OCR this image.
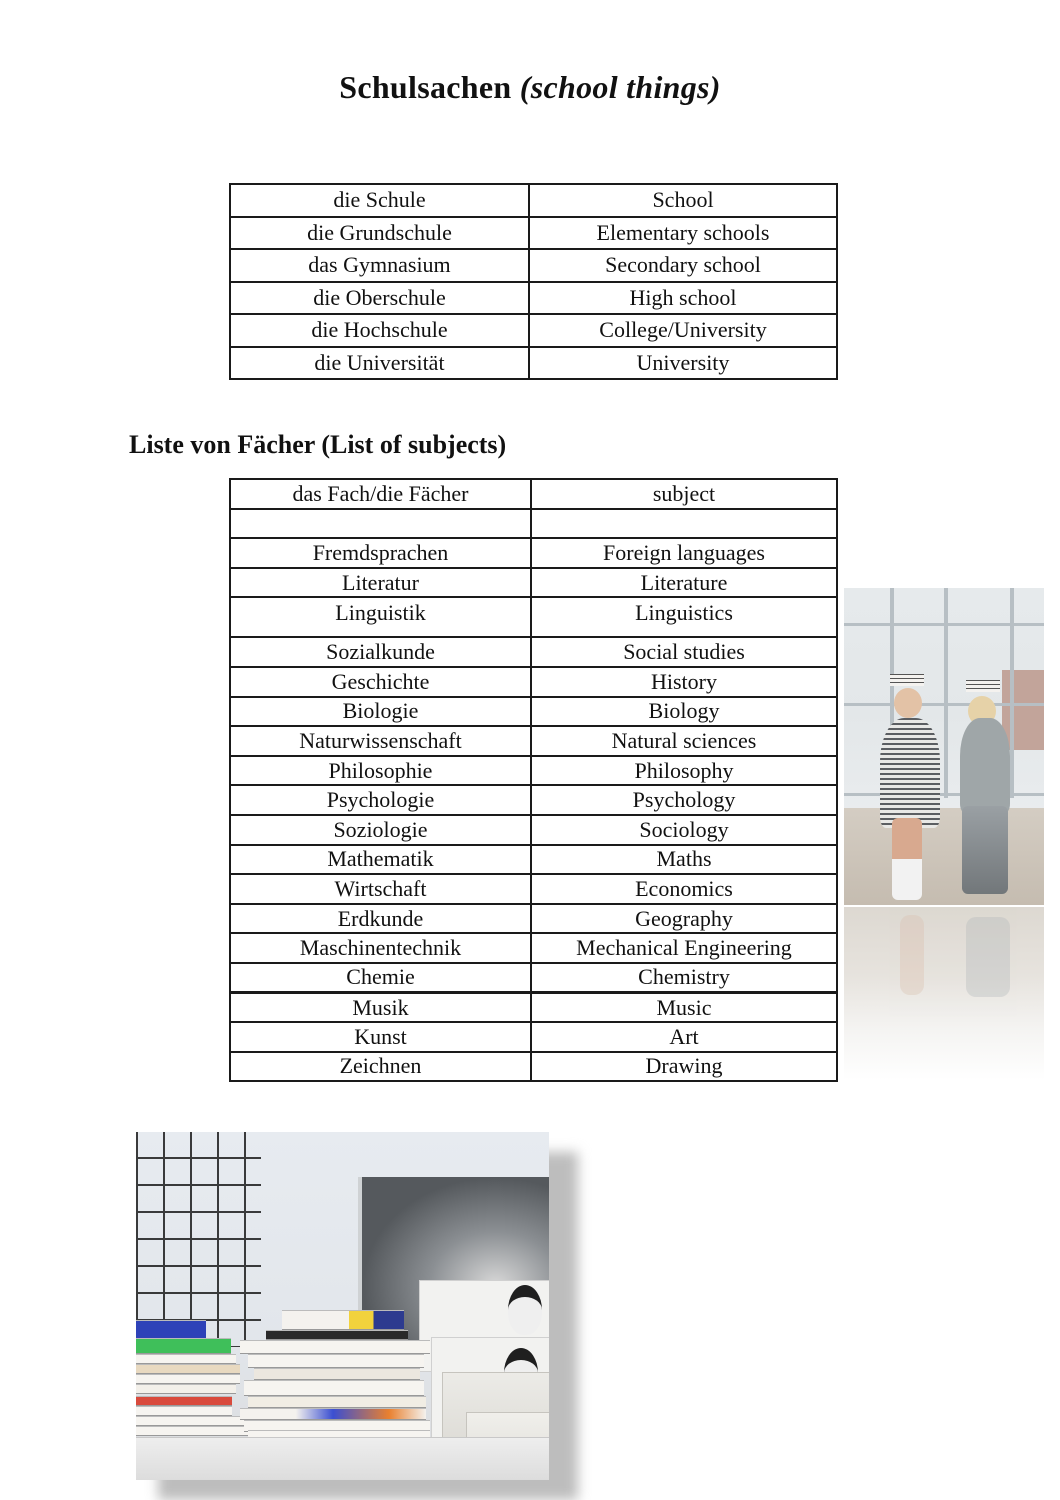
Schulsachen (school things)
die Schule	School
die Grundschule	Elementary schools
das Gymnasium	Secondary school
die Oberschule	High school
die Hochschule	College/University
die Universität	University
Liste von Fächer (List of subjects)
das Fach/die Fächer	subject

Fremdsprachen	Foreign languages
Literatur	Literature
Linguistik	Linguistics
Sozialkunde	Social studies
Geschichte	History
Biologie	Biology
Naturwissenschaft	Natural sciences
Philosophie	Philosophy
Psychologie	Psychology
Soziologie	Sociology
Mathematik	Maths
Wirtschaft	Economics
Erdkunde	Geography
Maschinentechnik	Mechanical Engineering
Chemie	Chemistry
Musik	Music
Kunst	Art
Zeichnen	Drawing
